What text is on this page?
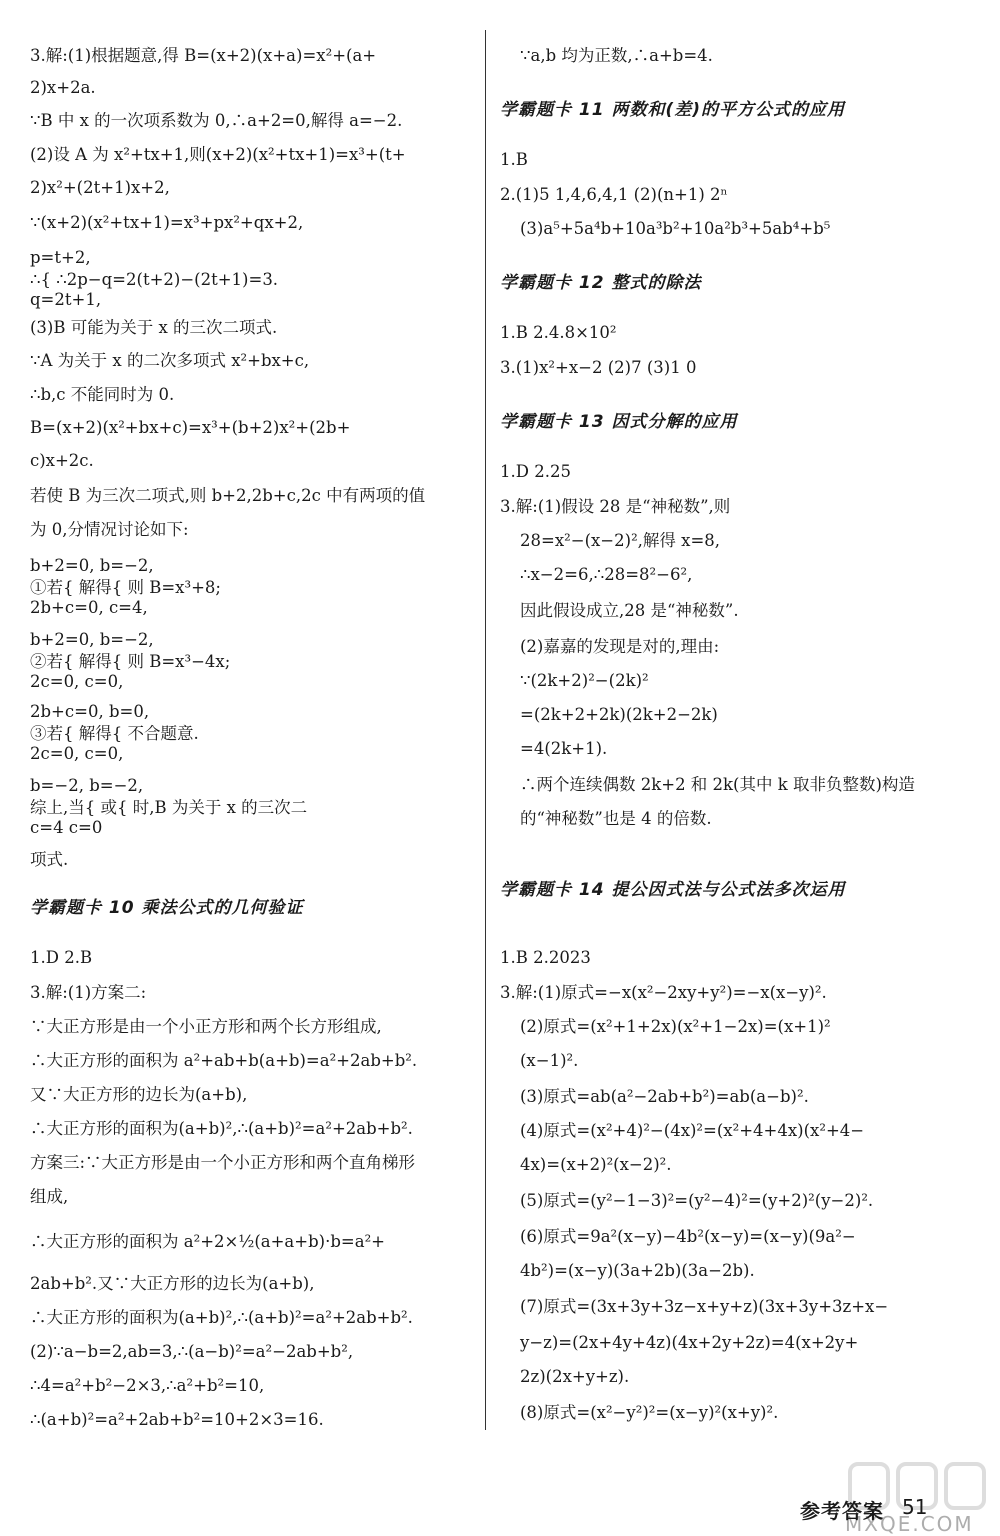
3.解:(1)根据题意,得 B=(x+2)(x+a)=x²+(a+
2)x+2a.
∵B 中 x 的一次项系数为 0,∴a+2=0,解得 a=−2.
(2)设 A 为 x²+tx+1,则(x+2)(x²+tx+1)=x³+(t+
2)x²+(2t+1)x+2,
∵(x+2)(x²+tx+1)=x³+px²+qx+2,
p=t+2,
∴{ ∴2p−q=2(t+2)−(2t+1)=3.
q=2t+1,
(3)B 可能为关于 x 的三次二项式.
∵A 为关于 x 的二次多项式 x²+bx+c,
∴b,c 不能同时为 0.
B=(x+2)(x²+bx+c)=x³+(b+2)x²+(2b+
c)x+2c.
若使 B 为三次二项式,则 b+2,2b+c,2c 中有两项的值
为 0,分情况讨论如下:
b+2=0, b=−2,
①若{ 解得{ 则 B=x³+8;
2b+c=0, c=4,
b+2=0, b=−2,
②若{ 解得{ 则 B=x³−4x;
2c=0, c=0,
2b+c=0, b=0,
③若{ 解得{ 不合题意.
2c=0, c=0,
b=−2, b=−2,
综上,当{ 或{ 时,B 为关于 x 的三次二
c=4 c=0
项式.
学霸题卡 10 乘法公式的几何验证
1.D 2.B
3.解:(1)方案二:
∵大正方形是由一个小正方形和两个长方形组成,
∴大正方形的面积为 a²+ab+b(a+b)=a²+2ab+b².
又∵大正方形的边长为(a+b),
∴大正方形的面积为(a+b)²,∴(a+b)²=a²+2ab+b².
方案三:∵大正方形是由一个小正方形和两个直角梯形
组成,
∴大正方形的面积为 a²+2×½(a+a+b)·b=a²+
2ab+b².又∵大正方形的边长为(a+b),
∴大正方形的面积为(a+b)²,∴(a+b)²=a²+2ab+b².
(2)∵a−b=2,ab=3,∴(a−b)²=a²−2ab+b²,
∴4=a²+b²−2×3,∴a²+b²=10,
∴(a+b)²=a²+2ab+b²=10+2×3=16.
∵a,b 均为正数,∴a+b=4.
学霸题卡 11 两数和(差)的平方公式的应用
1.B
2.(1)5 1,4,6,4,1 (2)(n+1) 2ⁿ
(3)a⁵+5a⁴b+10a³b²+10a²b³+5ab⁴+b⁵
学霸题卡 12 整式的除法
1.B 2.4.8×10²
3.(1)x²+x−2 (2)7 (3)1 0
学霸题卡 13 因式分解的应用
1.D 2.25
3.解:(1)假设 28 是“神秘数”,则
28=x²−(x−2)²,解得 x=8,
∴x−2=6,∴28=8²−6²,
因此假设成立,28 是“神秘数”.
(2)嘉嘉的发现是对的,理由:
∵(2k+2)²−(2k)²
=(2k+2+2k)(2k+2−2k)
=4(2k+1).
∴两个连续偶数 2k+2 和 2k(其中 k 取非负整数)构造
的“神秘数”也是 4 的倍数.
学霸题卡 14 提公因式法与公式法多次运用
1.B 2.2023
3.解:(1)原式=−x(x²−2xy+y²)=−x(x−y)².
(2)原式=(x²+1+2x)(x²+1−2x)=(x+1)²
(x−1)².
(3)原式=ab(a²−2ab+b²)=ab(a−b)².
(4)原式=(x²+4)²−(4x)²=(x²+4+4x)(x²+4−
4x)=(x+2)²(x−2)².
(5)原式=(y²−1−3)²=(y²−4)²=(y+2)²(y−2)².
(6)原式=9a²(x−y)−4b²(x−y)=(x−y)(9a²−
4b²)=(x−y)(3a+2b)(3a−2b).
(7)原式=(3x+3y+3z−x+y+z)(3x+3y+3z+x−
y−z)=(2x+4y+4z)(4x+2y+2z)=4(x+2y+
2z)(2x+y+z).
(8)原式=(x²−y²)²=(x−y)²(x+y)².
MXQE.COM
参考答案 51
